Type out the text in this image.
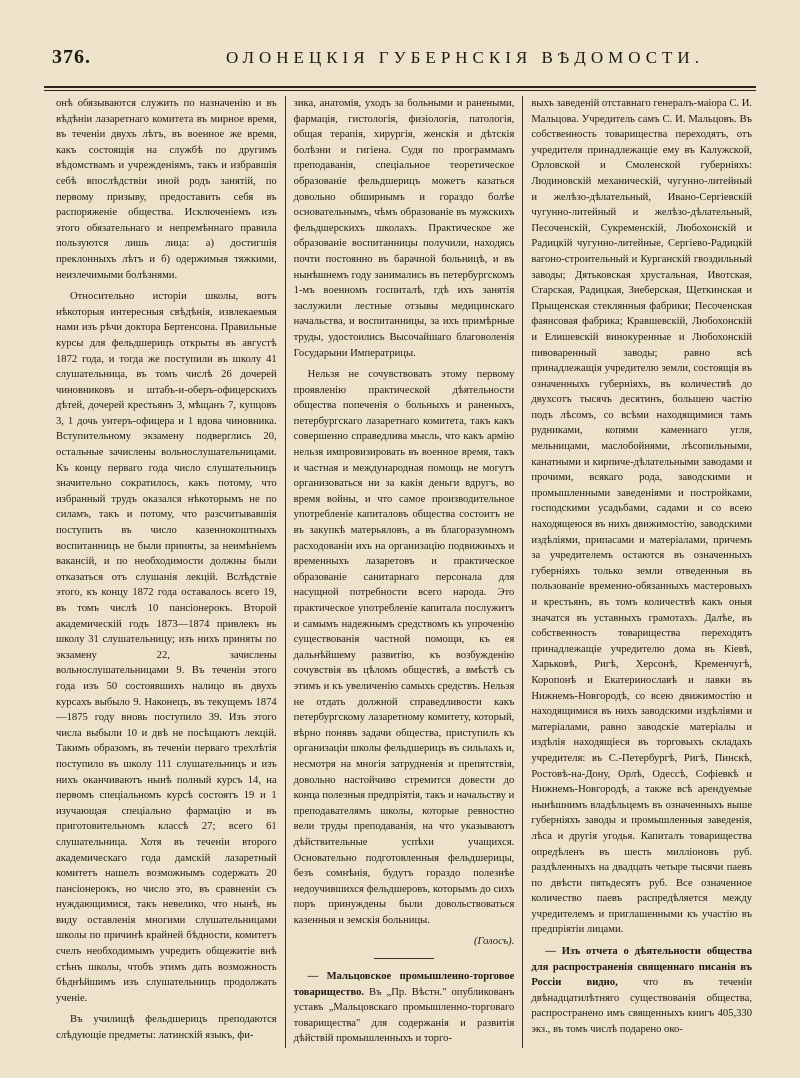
376.	ОЛОНЕЦКІЯ ГУБЕРНСКІЯ ВѢДОМОСТИ.

онѣ обязываются служить по назначенію и въ вѣдѣніи лазаретнаго комитета въ мирное время, въ теченіи двухъ лѣтъ, въ военное же время, какъ состоящія на службѣ по другимъ вѣдомствамъ и учрежденіямъ, такъ и избравшія себѣ впослѣдствіи иной родъ занятій, по первому призыву, предоставить себя въ распоряженіе общества. Исключеніемъ изъ этого обязательнаго и непремѣннаго правила пользуются лишь лица: а) достигшія преклонныхъ лѣтъ и б) одержимыя тяжкими, неизлечимыми болѣзнями.

Относительно исторіи школы, вотъ нѣкоторыя интересныя свѣдѣнія, извлекаемыя нами изъ рѣчи доктора Бертенсона. Правильные курсы для фельдшерицъ открыты въ августѣ 1872 года, и тогда же поступили въ школу 41 слушательница, въ томъ числѣ 26 дочерей чиновниковъ и штабъ-и-оберъ-офицерскихъ дѣтей, дочерей крестьянъ 3, мѣщанъ 7, купцовъ 3, 1 дочь унтеръ-офицера и 1 вдова чиновника. Вступительному экзамену подверглись 20, остальные зачислены вольнослушательницами. Къ концу перваго года число слушательницъ значительно сократилось, какъ потому, что избранный трудъ оказался нѣкоторымъ не по силамъ, такъ и потому, что разсчитывавшія поступить въ число казеннокоштныхъ воспитанницъ не были приняты, за неимѣніемъ вакансій, и по необходимости должны были отказаться отъ слушанія лекцій. Вслѣдствіе этого, къ концу 1872 года оставалось всего 19, въ томъ числѣ 10 пансіонерокъ. Второй академическій годъ 1873—1874 привлекъ въ школу 31 слушательницу; изъ нихъ приняты по экзамену 22, зачислены вольнослушательницами 9. Въ теченіи этого года изъ 50 состоявшихъ налицо въ двухъ курсахъ выбыло 9. Наконецъ, въ текущемъ 1874—1875 году вновь поступило 39. Изъ этого числа выбыли 10 и двѣ не посѣщаютъ лекцій. Такимъ образомъ, въ теченіи перваго трехлѣтія поступило въ школу 111 слушательницъ и изъ нихъ оканчиваютъ нынѣ полный курсъ 14, на первомъ спеціальномъ курсѣ состоятъ 19 и 1 изучающая спеціально фармацію и въ приготовительномъ классѣ 27; всего 61 слушательница. Хотя въ теченіи второго академическаго года дамскій лазаретный комитетъ нашелъ возможнымъ содержать 20 пансіонерокъ, но число это, въ сравненіи съ нуждающимися, такъ невелико, что нынѣ, въ виду оставленія многими слушательницами школы по причинѣ крайней бѣдности, комитетъ счелъ необходимымъ учредить общежитіе внѣ стѣнъ школы, чтобъ этимъ дать возможность бѣднѣйшимъ изъ слушательницъ продолжать ученіе.

Въ училищѣ фельдшерицъ преподаются слѣдующіе предметы: латинскій языкъ, фи-

зика, анатомія, уходъ за больными и ранеными, фармація, гистологія, физіологія, патологія, общая терапія, хирургія, женскія и дѣтскія болѣзни и гигіена. Судя по программамъ преподаванія, спеціальное теоретическое образованіе фельдшерицъ можетъ казаться довольно обширнымъ и гораздо болѣе основательнымъ, чѣмъ образованіе въ мужскихъ фельдшерскихъ школахъ. Практическое же образованіе воспитанницы получили, находясь почти постоянно въ барачной больницѣ, и въ нынѣшнемъ году занимались въ петербургскомъ 1-мъ военномъ госпиталѣ, гдѣ ихъ занятія заслужили лестные отзывы медицинскаго начальства, и воспитанницы, за ихъ примѣрные труды, удостоились Высочайшаго благоволенія Государыни Императрицы.

Нельзя не сочувствовать этому первому проявленію практической дѣятельности общества попеченія о больныхъ и раненыхъ, петербургскаго лазаретнаго комитета, такъ какъ совершенно справедлива мысль, что какъ армію нельзя импровизировать въ военное время, такъ и частная и международная помощь не могутъ организоваться ни за какія деньги вдругъ, во время войны, и что самое производительное употребленіе капиталовъ общества состоитъ не въ закупкѣ матерьяловъ, а въ благоразумномъ расходованіи ихъ на организацію подвижныхъ и временныхъ лазаретовъ и практическое образованіе санитарнаго персонала для насущной потребности всего народа. Это практическое употребленіе капитала послужитъ и самымъ надежнымъ средствомъ къ упроченію существованія частной помощи, къ ея дальнѣйшему развитію, къ возбужденію сочувствія въ цѣломъ обществѣ, а вмѣстѣ съ этимъ и къ увеличенію самыхъ средствъ. Нельзя не отдать должной справедливости какъ петербургскому лазаретному комитету, который, вѣрно понявъ задачи общества, приступилъ къ организаціи школы фельдшерицъ въ сильлахъ и, несмотря на многія затрудненія и препятствія, довольно настойчиво стремится довести до конца полезныя предпріятія, такъ и начальству и преподавателямъ школы, которые ревностно вели труды преподаванія, на что указываютъ дѣйствительные успѣхи учащихся. Основательно подготовленныя фельдшерицы, безъ сомнѣнія, будутъ гораздо полезнѣе недоучившихся фельдшеровъ, которымъ до сихъ поръ принуждены были довольствоваться казенныя и земскія больницы.

(Голосъ).

— Мальцовское промышленно-торговое товарищество. Въ „Пр. Вѣстн." опубликованъ уставъ „Мальцовскаго промышленно-торговаго товарищества" для содержанія и развитія дѣйствій промышленныхъ и торго-

выхъ заведеній отставнаго генералъ-маіора С. И. Мальцова. Учредитель самъ С. И. Мальцовъ. Въ собственность товарищества переходятъ, отъ учредителя принадлежащіе ему въ Калужской, Орловской и Смоленской губерніяхъ: Людиновскій механическій, чугунно-литейный и желѣзо-дѣлательный, Ивано-Сергіевскій чугунно-литейный и желѣзо-дѣлательный, Песоченскій, Сукременскій, Любохонскій и Радицкій чугунно-литейные, Сергіево-Радицкій вагоно-строительный и Курганскій гвоздильный заводы; Дятьковская хрустальная, Ивотская, Старская, Радицкая, Зиеберская, Щеткинская и Прыщенская стеклянныя фабрики; Песоченская фаянсовая фабрика; Кравшевскій, Любохонскій и Елишевскій винокуренные и Любохонскій пивоваренный заводы; равно всѣ принадлежащія учредителю земли, состоящія въ означенныхъ губерніяхъ, въ количествѣ до двухсотъ тысячъ десятинъ, большею частію подъ лѣсомъ, со всѣми находящимися тамъ рудниками, копями каменнаго угля, мельницами, маслобойнями, лѣсопильными, канатными и кирпиче-дѣлательными заводами и прочими, всякаго рода, заводскими и промышленными заведеніями и постройками, господскими усадьбами, садами и со всею находящеюся въ нихъ движимостію, заводскими издѣліями, припасами и матеріалами, причемъ за учредителемъ остаются въ означенныхъ губерніяхъ только земли отведенныя въ пользованіе временно-обязанныхъ мастеровыхъ и крестьянъ, въ томъ количествѣ какъ оныя значатся въ уставныхъ грамотахъ. Далѣе, въ собственность товарищества переходятъ принадлежащіе учредителю дома въ Кіевѣ, Харьковѣ, Ригѣ, Херсонѣ, Кременчугѣ, Коропонѣ и Екатеринославѣ и лавки въ Нижнемъ-Новгородѣ, со всею движимостію и находящимися въ нихъ заводскими издѣліями и матеріалами, равно заводскіе матеріалы и издѣлія находящіеся въ торговыхъ складахъ учредителя: въ С.-Петербургѣ, Ригѣ, Пинскѣ, Ростовѣ-на-Дону, Орлѣ, Одессѣ, Софіевкѣ и Нижнемъ-Новгородѣ, а также всѣ арендуемые нынѣшнимъ владѣльцемъ въ означенныхъ выше губерніяхъ заводы и промышленныя заведенія, лѣса и другія угодья. Капиталъ товарищества опредѣленъ въ шесть милліоновъ руб. раздѣленныхъ на двадцать четыре тысячи паевъ по двѣсти пятьдесятъ руб. Все означенное количество паевъ распредѣляется между учредителемъ и приглашенными къ участію въ предпріятіи лицами.

— Изъ отчета о дѣятельности общества для распространенія священнаго писанія въ Россіи видно, что въ теченіи двѣнадцатилѣтняго существованія общества, распространено имъ священныхъ книгъ 405,330 экз., въ томъ числѣ подарено око-
